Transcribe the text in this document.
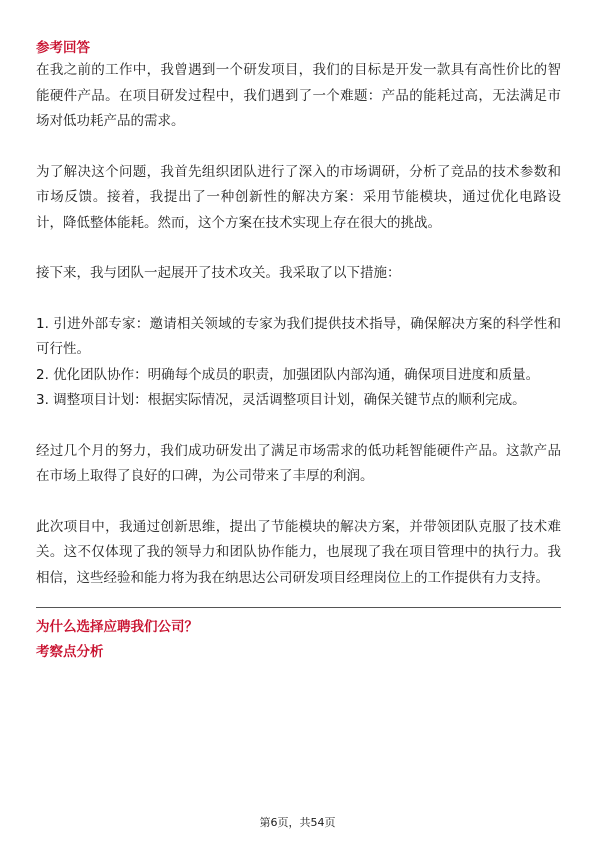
参考回答

在我之前的工作中，我曾遇到一个研发项目，我们的目标是开发一款具有高性价比的智能硬件产品。在项目研发过程中，我们遇到了一个难题：产品的能耗过高，无法满足市场对低功耗产品的需求。

为了解决这个问题，我首先组织团队进行了深入的市场调研，分析了竞品的技术参数和市场反馈。接着，我提出了一种创新性的解决方案：采用节能模块，通过优化电路设计，降低整体能耗。然而，这个方案在技术实现上存在很大的挑战。

接下来，我与团队一起展开了技术攻关。我采取了以下措施：

1. 引进外部专家：邀请相关领域的专家为我们提供技术指导，确保解决方案的科学性和可行性。

2. 优化团队协作：明确每个成员的职责，加强团队内部沟通，确保项目进度和质量。

3. 调整项目计划：根据实际情况，灵活调整项目计划，确保关键节点的顺利完成。

经过几个月的努力，我们成功研发出了满足市场需求的低功耗智能硬件产品。这款产品在市场上取得了良好的口碑，为公司带来了丰厚的利润。

此次项目中，我通过创新思维，提出了节能模块的解决方案，并带领团队克服了技术难关。这不仅体现了我的领导力和团队协作能力，也展现了我在项目管理中的执行力。我相信，这些经验和能力将为我在纳思达公司研发项目经理岗位上的工作提供有力支持。

为什么选择应聘我们公司？
考察点分析
第6页，共54页
